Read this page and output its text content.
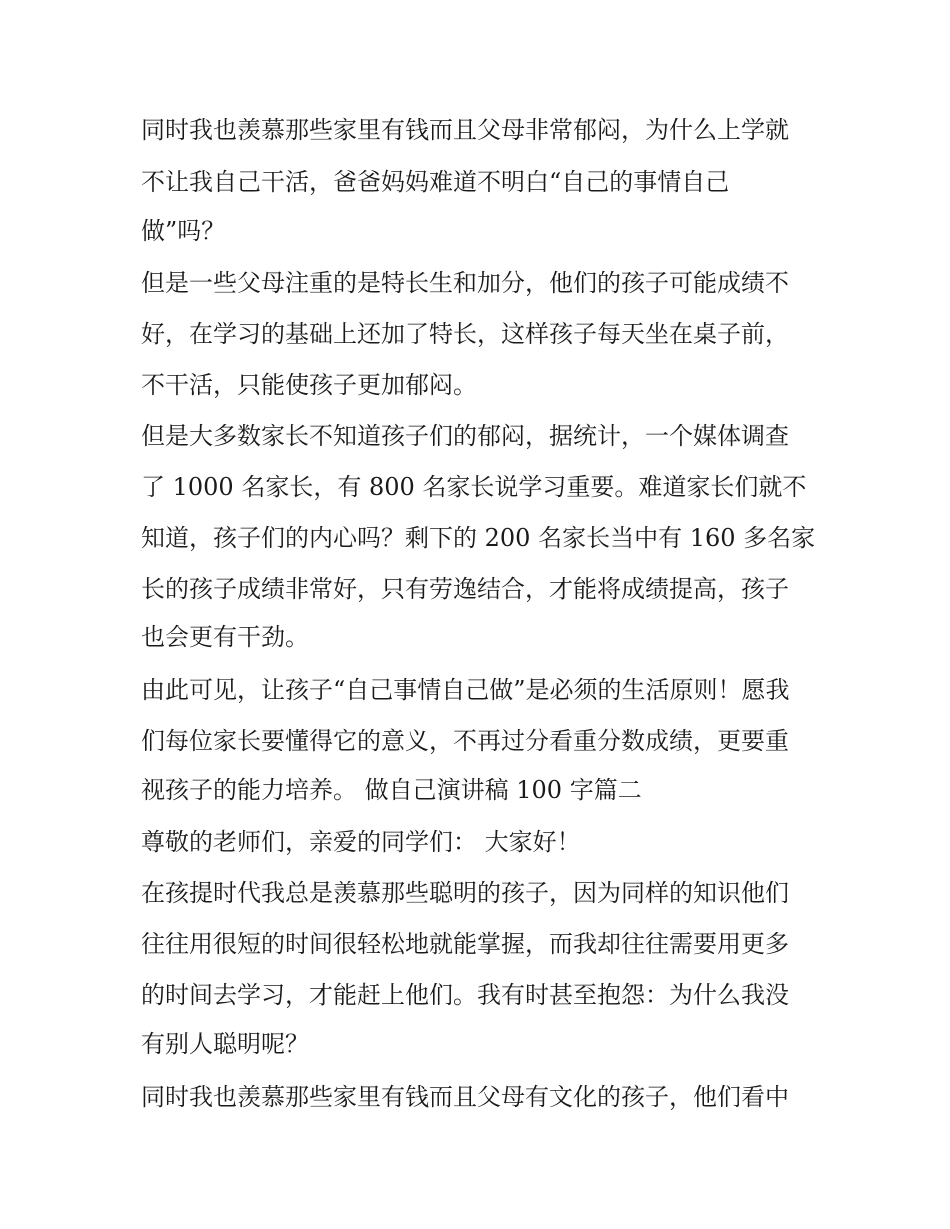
同时我也羡慕那些家里有钱而且父母非常郁闷，为什么上学就
不让我自己干活，爸爸妈妈难道不明白“自己的事情自己
做”吗？
但是一些父母注重的是特长生和加分，他们的孩子可能成绩不
好，在学习的基础上还加了特长，这样孩子每天坐在桌子前，
不干活，只能使孩子更加郁闷。
但是大多数家长不知道孩子们的郁闷，据统计，一个媒体调查
了 1000 名家长，有 800 名家长说学习重要。难道家长们就不
知道，孩子们的内心吗？剩下的 200 名家长当中有 160 多名家
长的孩子成绩非常好，只有劳逸结合，才能将成绩提高，孩子
也会更有干劲。
由此可见，让孩子“自己事情自己做”是必须的生活原则！愿我
们每位家长要懂得它的意义，不再过分看重分数成绩，更要重
视孩子的能力培养。 做自己演讲稿 100 字篇二
尊敬的老师们，亲爱的同学们： 大家好！
在孩提时代我总是羡慕那些聪明的孩子，因为同样的知识他们
往往用很短的时间很轻松地就能掌握，而我却往往需要用更多
的时间去学习，才能赶上他们。我有时甚至抱怨：为什么我没
有别人聪明呢？
同时我也羡慕那些家里有钱而且父母有文化的孩子，他们看中
